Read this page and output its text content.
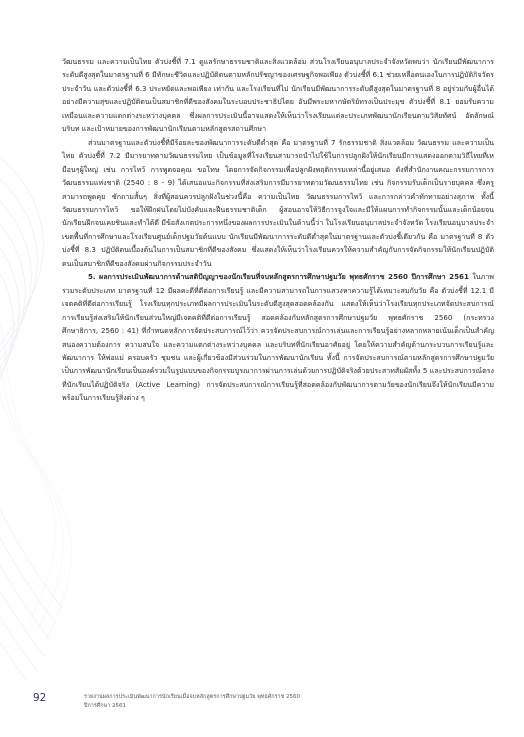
วัฒนธรรม และความเป็นไทย ตัวบ่งชี้ที่ 7.1 ดูแลรักษาธรรมชาติและสิ่งแวดล้อม ส่วนโรงเรียนอนุบาลประจำจังหวัดพบว่า นักเรียนมีพัฒนาการระดับดีสูงสุดในมาตรฐานที่ 6 มีทักษะชีวิตและปฏิบัติตนตามหลักปรัชญาของเศรษฐกิจพอเพียง ตัวบ่งชี้ที่ 6.1 ช่วยเหลือตนเองในการปฏิบัติกิจวัตรประจำวัน และตัวบ่งชี้ที่ 6.3 ประหยัดและพอเพียง เท่ากัน และโรงเรียนที่ไป นักเรียนมีพัฒนาการระดับดีสูงสุดในมาตรฐานที่ 8 อยู่ร่วมกับผู้อื่นได้อย่างมีความสุขและปฏิบัติตนเป็นสมาชิกที่ดีของสังคมในระบอบประชาธิปไตย อันมีพระมหากษัตริย์ทรงเป็นประมุข ตัวบ่งชี้ที่ 8.1 ยอมรับความเหมือนและความแตกต่างระหว่างบุคคล ซึ่งผลการประเมินนี้อาจแสดงให้เห็นว่าโรงเรียนแต่ละประเภทพัฒนานักเรียนตามวิสัยทัศน์ อัตลักษณ์ บริบท และเป้าหมายของการพัฒนานักเรียนตามหลักสูตรสถานศึกษา

ส่วนมาตรฐานและตัวบ่งชี้ที่มีร้อยละของพัฒนาการระดับดีต่ำสุด คือ มาตรฐานที่ 7 รักธรรมชาติ สิ่งแวดล้อม วัฒนธรรม และความเป็นไทย ตัวบ่งชี้ที่ 7.2 มีมารยาทตามวัฒนธรรมไทย เป็นข้อมูลที่โรงเรียนสามารถนำไปใช้ในการปลูกฝังให้นักเรียนมีการแสดงออกตามวิถีไทยที่เหมือนๆผู้ใหญ่ เช่น การไหว้ การพูดจอคุณ ขอโทษ โดยการจัดกิจกรรมเพื่อปลูกฝังพฤติกรรมเหล่านี้อยู่เสมอ ดังที่สำนักงานคณะกรรมการการวัฒนธรรมแห่งชาติ (2540 : 8 - 9) ได้เสนอแนะกิจกรรมที่ส่งเสริมการมีมารยาทตามวัฒนธรรมไทย เช่น กิจกรรมรับเด็กเป็นรายบุคคล ซึ่งครูสามารถพูดคุย ซักถามสั้นๆ สิ่งที่ผู้สอนควรปลูกฝังในช่วงนี้คือ ความเป็นไทย วัฒนธรรมการไหว้ และการกล่าวคำทักทายอย่างสุภาพ ทั้งนี้ วัฒนธรรมการไหว้ ขอให้ฝึกฝนโดยไม่บังคับและฝืนธรรมชาติเด็ก ผู้สอนอาจให้วิธีการจูงใจและมีให้แผนการทำกิจกรรมนั้นและเด็กน้อยจนนักเรียนฝึกจนเคยชินและทำได้ดี มีข้อสังเกตประการหนึ่งของผลการประเมินในด้านนี้ว่า ในโรงเรียนอนุบาลประจำจังหวัด โรงเรียนอนุบาลประจำเขตพื้นที่การศึกษาและโรงเรียนศูนย์เด็กปฐมวัยต้นแบบ นักเรียนมีพัฒนาการระดับดีต่ำสุดในมาตรฐานและตัวบ่งชี้เดียวกัน คือ มาตรฐานที่ 8 ตัวบ่งชี้ที่ 8.3 ปฏิบัติตนเบื้องต้นในการเป็นสมาชิกที่ดีของสังคม ซึ่งแสดงให้เห็นว่าโรงเรียนควรให้ความสำคัญกับการจัดกิจกรรมให้นักเรียนปฏิบัติตนเป็นสมาชิกที่ดีของสังคมผ่านกิจกรรมประจำวัน

5. ผลการประเมินพัฒนาการด้านสติปัญญาของนักเรียนที่จบหลักสูตรการศึกษาปฐมวัย พุทธศักราช 2560 ปีการศึกษา 2561 ในภาพรวมระดับประเภท มาตรฐานที่ 12 มีผลคะดีที่ดีต่อการเรียนรู้ และมีความสามารถในการแสวงหาความรู้ได้เหมาะสมกับวัย คือ ตัวบ่งชี้ที่ 12.1 มีเจตคติที่ดีต่อการเรียนรู้ โรงเรียนทุกประเภทมีผลการประเมินในระดับดีสูงสุดสอดคล้องกัน แสดงให้เห็นว่าโรงเรียนทุกประเภทจัดประสบการณ์การเรียนรู้ส่งเสริมให้นักเรียนส่วนใหญ่มีเจตคติที่ดีต่อการเรียนรู้ สอดคล้องกับหลักสูตรการศึกษาปฐมวัย พุทธศักราช 2560 (กระทรวงศึกษาธิการ, 2560 : 41) ที่กำหนดหลักการจัดประสบการณ์ไว้ว่า ควรจัดประสบการณ์การเล่นและการเรียนรู้อย่างหลากหลายเน้นเด็กเป็นสำคัญ สนองความต้องการ ความสนใจ และความแตกต่างระหว่างบุคคล และบริบทที่นักเรียนอาศัยอยู่ โดยให้ความสำคัญด้านกระบวนการเรียนรู้และพัฒนาการ ให้พ่อแม่ ครอบครัว ชุมชน และผู้เกี่ยวข้องมีส่วนร่วมในการพัฒนานักเรียน ทั้งนี้ การจัดประสบการณ์ตามหลักสูตรการศึกษาปฐมวัยเป็นการพัฒนานักเรียนเป็นองค์รวมในรูปแบบของกิจกรรมบูรณาการผ่านการเล่นด้วยการปฏิบัติจริงด้วยประสาทสัมผัสทั้ง 5 และประสบการณ์ตรงที่นักเรียนได้ปฏิบัติจริง (Active Learning) การจัดประสบการณ์การเรียนรู้ที่สอดคล้องกับพัฒนาการตามวัยของนักเรียนจึงให้นักเรียนมีความพร้อมในการเรียนรู้สิ่งต่าง ๆ

92	รายงานผลการประเมินพัฒนาการนักเรียนเมื่อจบหลักสูตรการศึกษาปฐมวัย พุทธศักราช 2560
ปีการศึกษา 2561
